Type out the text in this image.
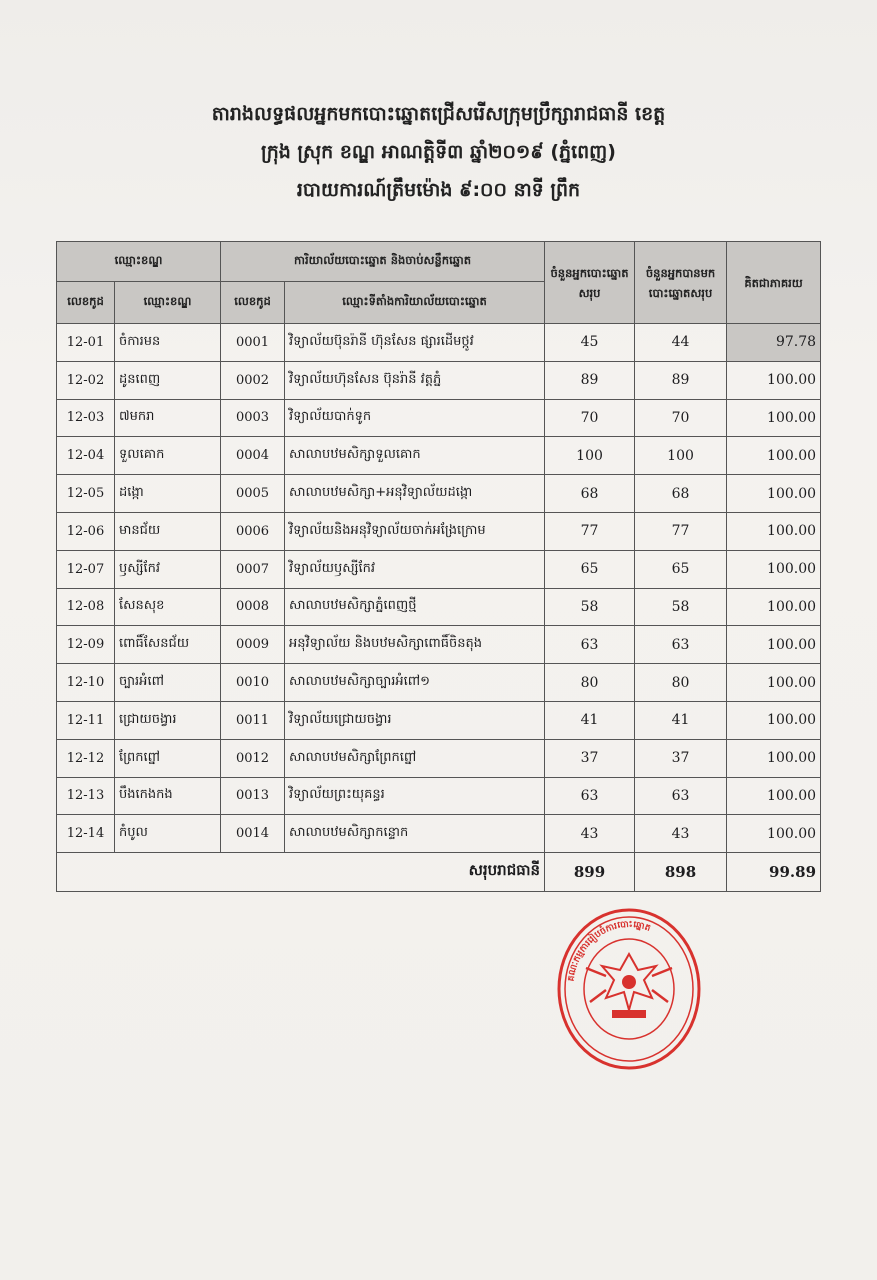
តារាងលទ្ធផលអ្នកមកបោះឆ្នោតជ្រើសរើសក្រុមប្រឹក្សារាជធានី ខេត្ត
ក្រុង ស្រុក ខណ្ឌ អាណត្តិទី៣ ឆ្នាំ២០១៩ (ភ្នំពេញ)
របាយការណ៍ត្រឹមម៉ោង ៩:០០ នាទី ព្រឹក
ឈ្មោះខណ្ឌ		ការិយាល័យបោះឆ្នោត និងចាប់សន្លឹកឆ្នោត		ចំនួនអ្នកបោះឆ្នោតសរុប	ចំនួនអ្នកបានមកបោះឆ្នោតសរុប	គិតជាភាគរយ
លេខកូដ	ឈ្មោះខណ្ឌ	លេខកូដ	ឈ្មោះទីតាំងការិយាល័យបោះឆ្នោត			
12-01	ចំការមន	0001	វិទ្យាល័យប៊ុនរ៉ានី ហ៊ុនសែន ផ្សារដើមថ្កូវ	45	44	97.78
12-02	ដូនពេញ	0002	វិទ្យាល័យហ៊ុនសែន ប៊ុនរ៉ានី វត្តភ្នំ	89	89	100.00
12-03	៧មករា	0003	វិទ្យាល័យបាក់ទូក	70	70	100.00
12-04	ទួលគោក	0004	សាលាបឋមសិក្សាទួលគោក	100	100	100.00
12-05	ដង្កោ	0005	សាលាបឋមសិក្សា+អនុវិទ្យាល័យដង្កោ	68	68	100.00
12-06	មានជ័យ	0006	វិទ្យាល័យនិងអនុវិទ្យាល័យចាក់អង្រែក្រោម	77	77	100.00
12-07	ឫស្សីកែវ	0007	វិទ្យាល័យឫស្សីកែវ	65	65	100.00
12-08	សែនសុខ	0008	សាលាបឋមសិក្សាភ្នំពេញថ្មី	58	58	100.00
12-09	ពោធិ៍សែនជ័យ	0009	អនុវិទ្យាល័យ និងបឋមសិក្សាពោធិ៍ចិនតុង	63	63	100.00
12-10	ច្បារអំពៅ	0010	សាលាបឋមសិក្សាច្បារអំពៅ១	80	80	100.00
12-11	ជ្រោយចង្វារ	0011	វិទ្យាល័យជ្រោយចង្វារ	41	41	100.00
12-12	ព្រែកព្នៅ	0012	សាលាបឋមសិក្សាព្រែកព្នៅ	37	37	100.00
12-13	បឹងកេងកង	0013	វិទ្យាល័យព្រះយុគន្ធរ	63	63	100.00
12-14	កំបូល	0014	សាលាបឋមសិក្សាកន្ទោក	43	43	100.00
សរុបរាជធានី				899	898	99.89
គណៈកម្មការរៀបចំការបោះឆ្នោត
